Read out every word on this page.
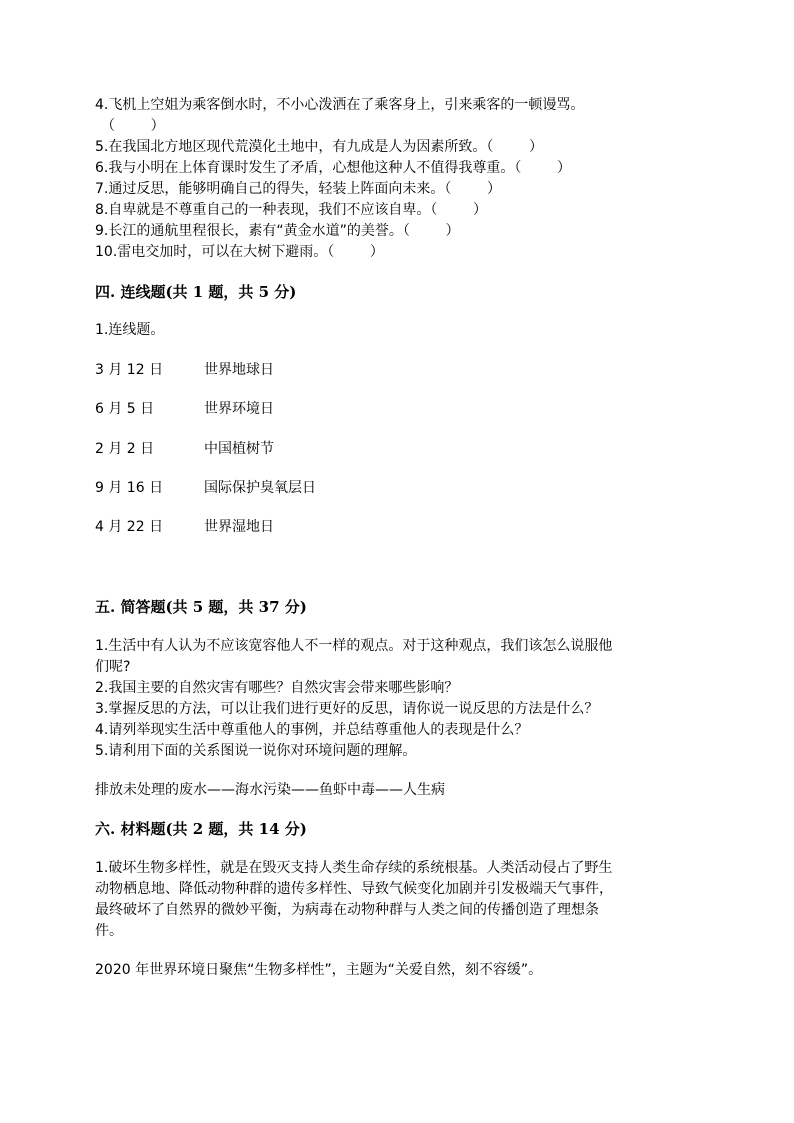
4.飞机上空姐为乘客倒水时，不小心泼洒在了乘客身上，引来乘客的一顿谩骂。
（        ）
5.在我国北方地区现代荒漠化土地中，有九成是人为因素所致。（        ）
6.我与小明在上体育课时发生了矛盾，心想他这种人不值得我尊重。（        ）
7.通过反思，能够明确自己的得失，轻装上阵面向未来。（        ）
8.自卑就是不尊重自己的一种表现，我们不应该自卑。（        ）
9.长江的通航里程很长，素有“黄金水道”的美誉。（        ）
10.雷电交加时，可以在大树下避雨。（        ）
四. 连线题(共 1 题，共 5 分)
1.连线题。
3 月 12 日	世界地球日
6 月 5 日	世界环境日
2 月 2 日	中国植树节
9 月 16 日	国际保护臭氧层日
4 月 22 日	世界湿地日
五. 简答题(共 5 题，共 37 分)
1.生活中有人认为不应该宽容他人不一样的观点。对于这种观点，我们该怎么说服他
们呢?
2.我国主要的自然灾害有哪些？自然灾害会带来哪些影响？
3.掌握反思的方法，可以让我们进行更好的反思，请你说一说反思的方法是什么？
4.请列举现实生活中尊重他人的事例，并总结尊重他人的表现是什么？
5.请利用下面的关系图说一说你对环境问题的理解。
排放未处理的废水——海水污染——鱼虾中毒——人生病
六. 材料题(共 2 题，共 14 分)
1.破坏生物多样性，就是在毁灭支持人类生命存续的系统根基。人类活动侵占了野生
动物栖息地、降低动物种群的遗传多样性、导致气候变化加剧并引发极端天气事件，
最终破坏了自然界的微妙平衡，为病毒在动物种群与人类之间的传播创造了理想条
件。
2020 年世界环境日聚焦“生物多样性”，主题为“关爱自然，刻不容缓”。
